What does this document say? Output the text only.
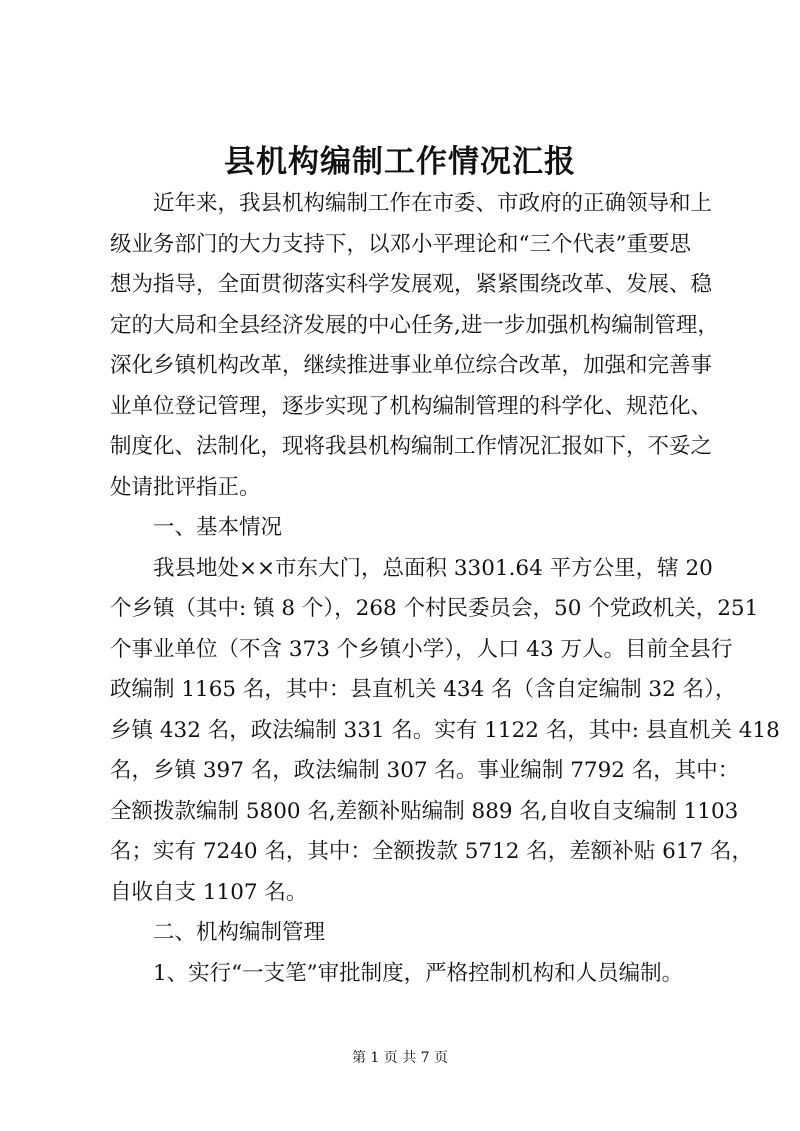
县机构编制工作情况汇报
　　近年来，我县机构编制工作在市委、市政府的正确领导和上
级业务部门的大力支持下，以邓小平理论和“三个代表”重要思
想为指导，全面贯彻落实科学发展观，紧紧围绕改革、发展、稳
定的大局和全县经济发展的中心任务,进一步加强机构编制管理，
深化乡镇机构改革，继续推进事业单位综合改革，加强和完善事
业单位登记管理，逐步实现了机构编制管理的科学化、规范化、
制度化、法制化，现将我县机构编制工作情况汇报如下，不妥之
处请批评指正。
　　一、基本情况
　　我县地处××市东大门，总面积 3301.64 平方公里，辖 20
个乡镇（其中: 镇 8 个），268 个村民委员会，50 个党政机关，251
个事业单位（不含 373 个乡镇小学），人口 43 万人。目前全县行
政编制 1165 名，其中：县直机关 434 名（含自定编制 32 名），
乡镇 432 名，政法编制 331 名。实有 1122 名，其中: 县直机关 418
名，乡镇 397 名，政法编制 307 名。事业编制 7792 名，其中：
全额拨款编制 5800 名,差额补贴编制 889 名,自收自支编制 1103
名；实有 7240 名，其中：全额拨款 5712 名，差额补贴 617 名，
自收自支 1107 名。
　　二、机构编制管理
　　1、实行“一支笔”审批制度，严格控制机构和人员编制。
第 1 页 共 7 页
